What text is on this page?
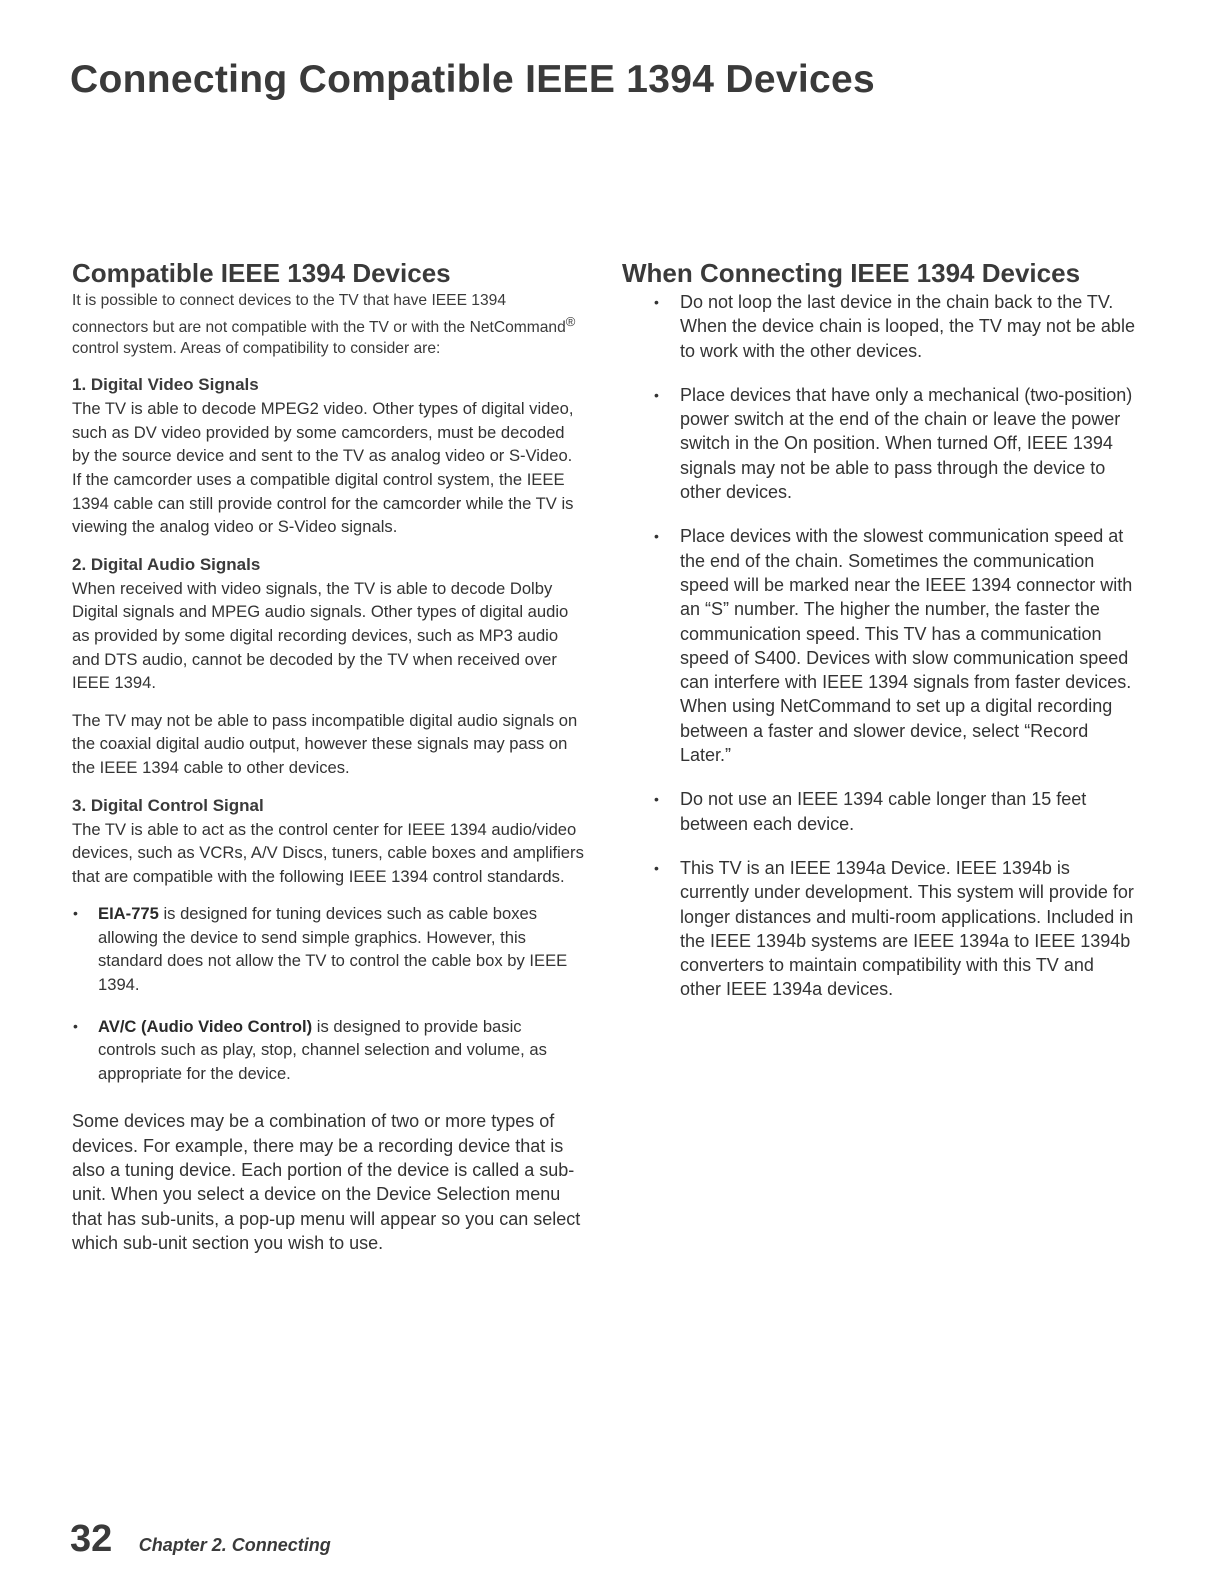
Connecting Compatible IEEE 1394 Devices
Compatible IEEE 1394 Devices

It is possible to connect devices to the TV that have IEEE 1394 connectors but are not compatible with the TV or with the NetCommand® control system. Areas of compatibility to consider are:

1. Digital Video Signals

The TV is able to decode MPEG2 video. Other types of digital video, such as DV video provided by some camcorders, must be decoded by the source device and sent to the TV as analog video or S-Video. If the camcorder uses a compatible digital control system, the IEEE 1394 cable can still provide control for the camcorder while the TV is viewing the analog video or S-Video signals.

2. Digital Audio Signals

When received with video signals, the TV is able to decode Dolby Digital signals and MPEG audio signals. Other types of digital audio as provided by some digital recording devices, such as MP3 audio and DTS audio, cannot be decoded by the TV when received over IEEE 1394.

The TV may not be able to pass incompatible digital audio signals on the coaxial digital audio output, however these signals may pass on the IEEE 1394 cable to other devices.

3. Digital Control Signal

The TV is able to act as the control center for IEEE 1394 audio/video devices, such as VCRs, A/V Discs, tuners, cable boxes and amplifiers that are compatible with the following IEEE 1394 control standards.

• EIA-775 is designed for tuning devices such as cable boxes allowing the device to send simple graphics. However, this standard does not allow the TV to control the cable box by IEEE 1394.
• AV/C (Audio Video Control) is designed to provide basic controls such as play, stop, channel selection and volume, as appropriate for the device.

Some devices may be a combination of two or more types of devices. For example, there may be a recording device that is also a tuning device. Each portion of the device is called a sub-unit. When you select a device on the Device Selection menu that has sub-units, a pop-up menu will appear so you can select which sub-unit section you wish to use.

When Connecting IEEE 1394 Devices
• Do not loop the last device in the chain back to the TV. When the device chain is looped, the TV may not be able to work with the other devices.
• Place devices that have only a mechanical (two-position) power switch at the end of the chain or leave the power switch in the On position. When turned Off, IEEE 1394 signals may not be able to pass through the device to other devices.
• Place devices with the slowest communication speed at the end of the chain. Sometimes the communication speed will be marked near the IEEE 1394 connector with an “S” number. The higher the number, the faster the communication speed. This TV has a communication speed of S400. Devices with slow communication speed can interfere with IEEE 1394 signals from faster devices. When using NetCommand to set up a digital recording between a faster and slower device, select “Record Later.”
• Do not use an IEEE 1394 cable longer than 15 feet between each device.
• This TV is an IEEE 1394a Device. IEEE 1394b is currently under development. This system will provide for longer distances and multi-room applications. Included in the IEEE 1394b systems are IEEE 1394a to IEEE 1394b converters to maintain compatibility with this TV and other IEEE 1394a devices.
32 Chapter 2. Connecting
